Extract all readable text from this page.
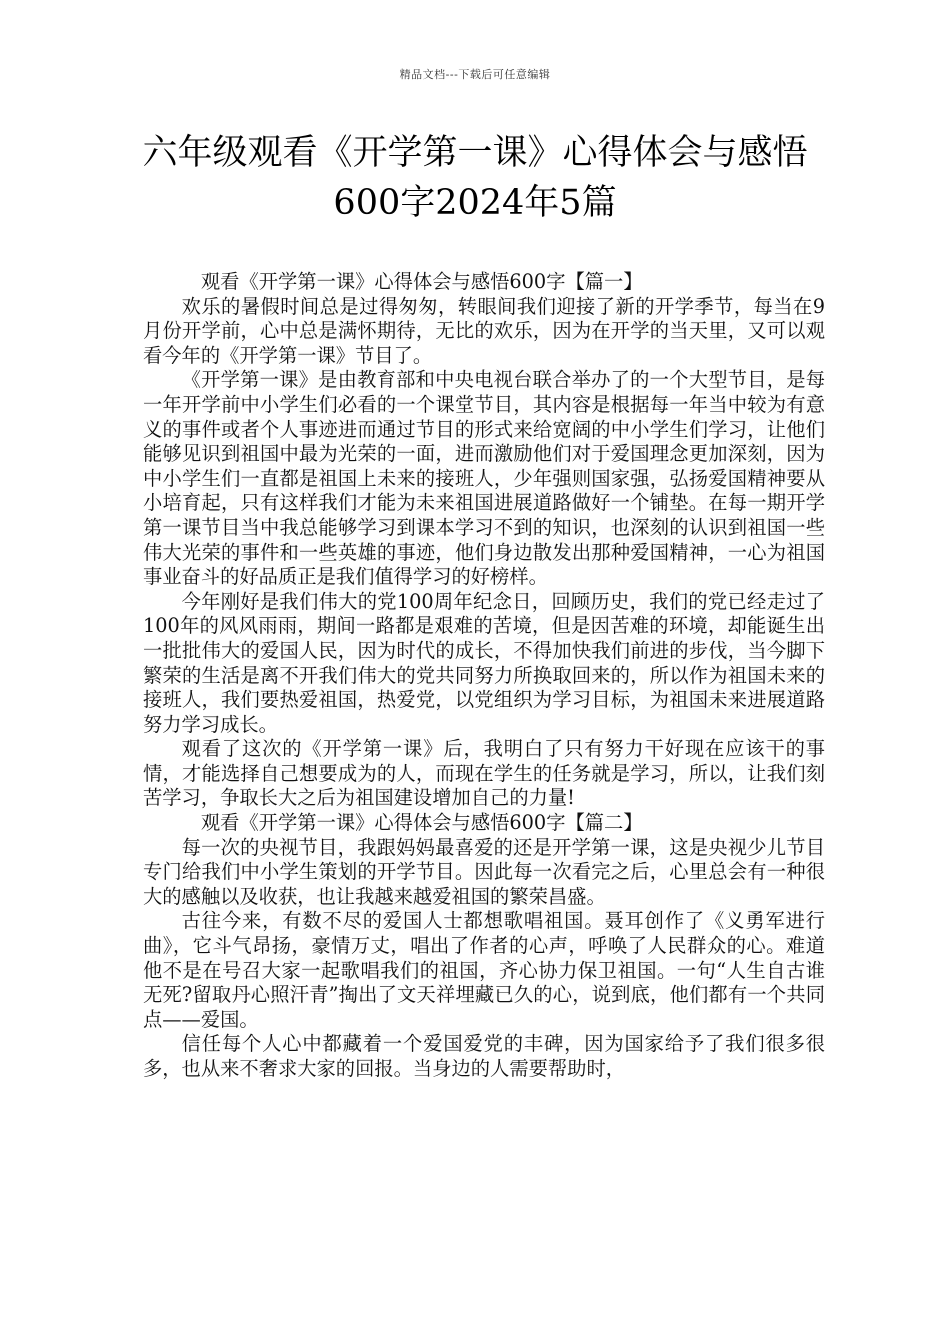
精品文档---下载后可任意编辑
六年级观看《开学第一课》心得体会与感悟600字2024年5篇

观看《开学第一课》心得体会与感悟600字【篇一】

欢乐的暑假时间总是过得匆匆，转眼间我们迎接了新的开学季节，每当在9月份开学前，心中总是满怀期待，无比的欢乐，因为在开学的当天里，又可以观看今年的《开学第一课》节目了。

《开学第一课》是由教育部和中央电视台联合举办了的一个大型节目，是每一年开学前中小学生们必看的一个课堂节目，其内容是根据每一年当中较为有意义的事件或者个人事迹进而通过节目的形式来给宽阔的中小学生们学习，让他们能够见识到祖国中最为光荣的一面，进而激励他们对于爱国理念更加深刻，因为中小学生们一直都是祖国上未来的接班人，少年强则国家强，弘扬爱国精神要从小培育起，只有这样我们才能为未来祖国进展道路做好一个铺垫。在每一期开学第一课节目当中我总能够学习到课本学习不到的知识，也深刻的认识到祖国一些伟大光荣的事件和一些英雄的事迹，他们身边散发出那种爱国精神，一心为祖国事业奋斗的好品质正是我们值得学习的好榜样。

今年刚好是我们伟大的党100周年纪念日，回顾历史，我们的党已经走过了100年的风风雨雨，期间一路都是艰难的苦境，但是因苦难的环境，却能诞生出一批批伟大的爱国人民，因为时代的成长，不得加快我们前进的步伐，当今脚下繁荣的生活是离不开我们伟大的党共同努力所换取回来的，所以作为祖国未来的接班人，我们要热爱祖国，热爱党，以党组织为学习目标，为祖国未来进展道路努力学习成长。

观看了这次的《开学第一课》后，我明白了只有努力干好现在应该干的事情，才能选择自己想要成为的人，而现在学生的任务就是学习，所以，让我们刻苦学习，争取长大之后为祖国建设增加自己的力量!

观看《开学第一课》心得体会与感悟600字【篇二】

每一次的央视节目，我跟妈妈最喜爱的还是开学第一课，这是央视少儿节目专门给我们中小学生策划的开学节目。因此每一次看完之后，心里总会有一种很大的感触以及收获，也让我越来越爱祖国的繁荣昌盛。

古往今来，有数不尽的爱国人士都想歌唱祖国。聂耳创作了《义勇军进行曲》，它斗气昂扬，豪情万丈，唱出了作者的心声，呼唤了人民群众的心。难道他不是在号召大家一起歌唱我们的祖国，齐心协力保卫祖国。一句“人生自古谁无死?留取丹心照汗青”掏出了文天祥埋藏已久的心，说到底，他们都有一个共同点——爱国。

信任每个人心中都藏着一个爱国爱党的丰碑，因为国家给予了我们很多很多，也从来不奢求大家的回报。当身边的人需要帮助时，
